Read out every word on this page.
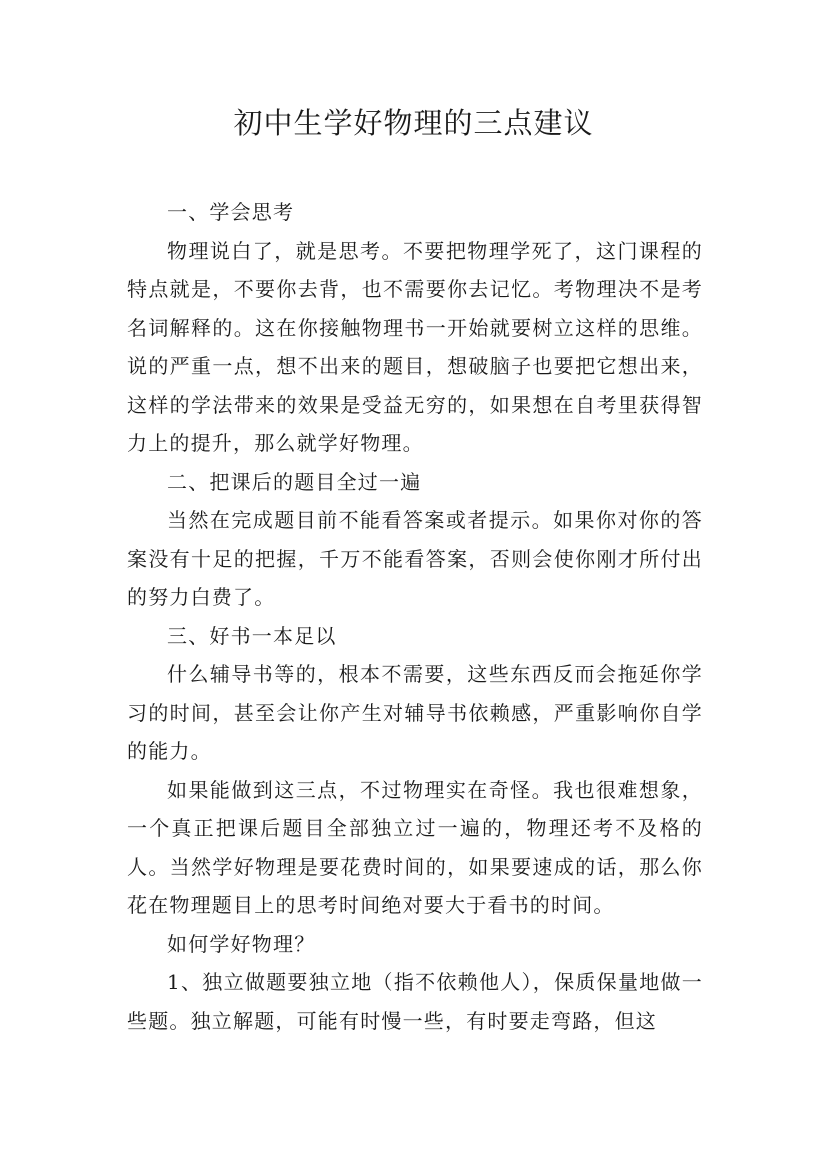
初中生学好物理的三点建议

一、学会思考

物理说白了，就是思考。不要把物理学死了，这门课程的特点就是，不要你去背，也不需要你去记忆。考物理决不是考名词解释的。这在你接触物理书一开始就要树立这样的思维。说的严重一点，想不出来的题目，想破脑子也要把它想出来，这样的学法带来的效果是受益无穷的，如果想在自考里获得智力上的提升，那么就学好物理。

二、把课后的题目全过一遍

当然在完成题目前不能看答案或者提示。如果你对你的答案没有十足的把握，千万不能看答案，否则会使你刚才所付出的努力白费了。

三、好书一本足以

什么辅导书等的，根本不需要，这些东西反而会拖延你学习的时间，甚至会让你产生对辅导书依赖感，严重影响你自学的能力。

如果能做到这三点，不过物理实在奇怪。我也很难想象，一个真正把课后题目全部独立过一遍的，物理还考不及格的人。当然学好物理是要花费时间的，如果要速成的话，那么你花在物理题目上的思考时间绝对要大于看书的时间。

如何学好物理？

1、独立做题要独立地（指不依赖他人），保质保量地做一些题。独立解题，可能有时慢一些，有时要走弯路，但这
